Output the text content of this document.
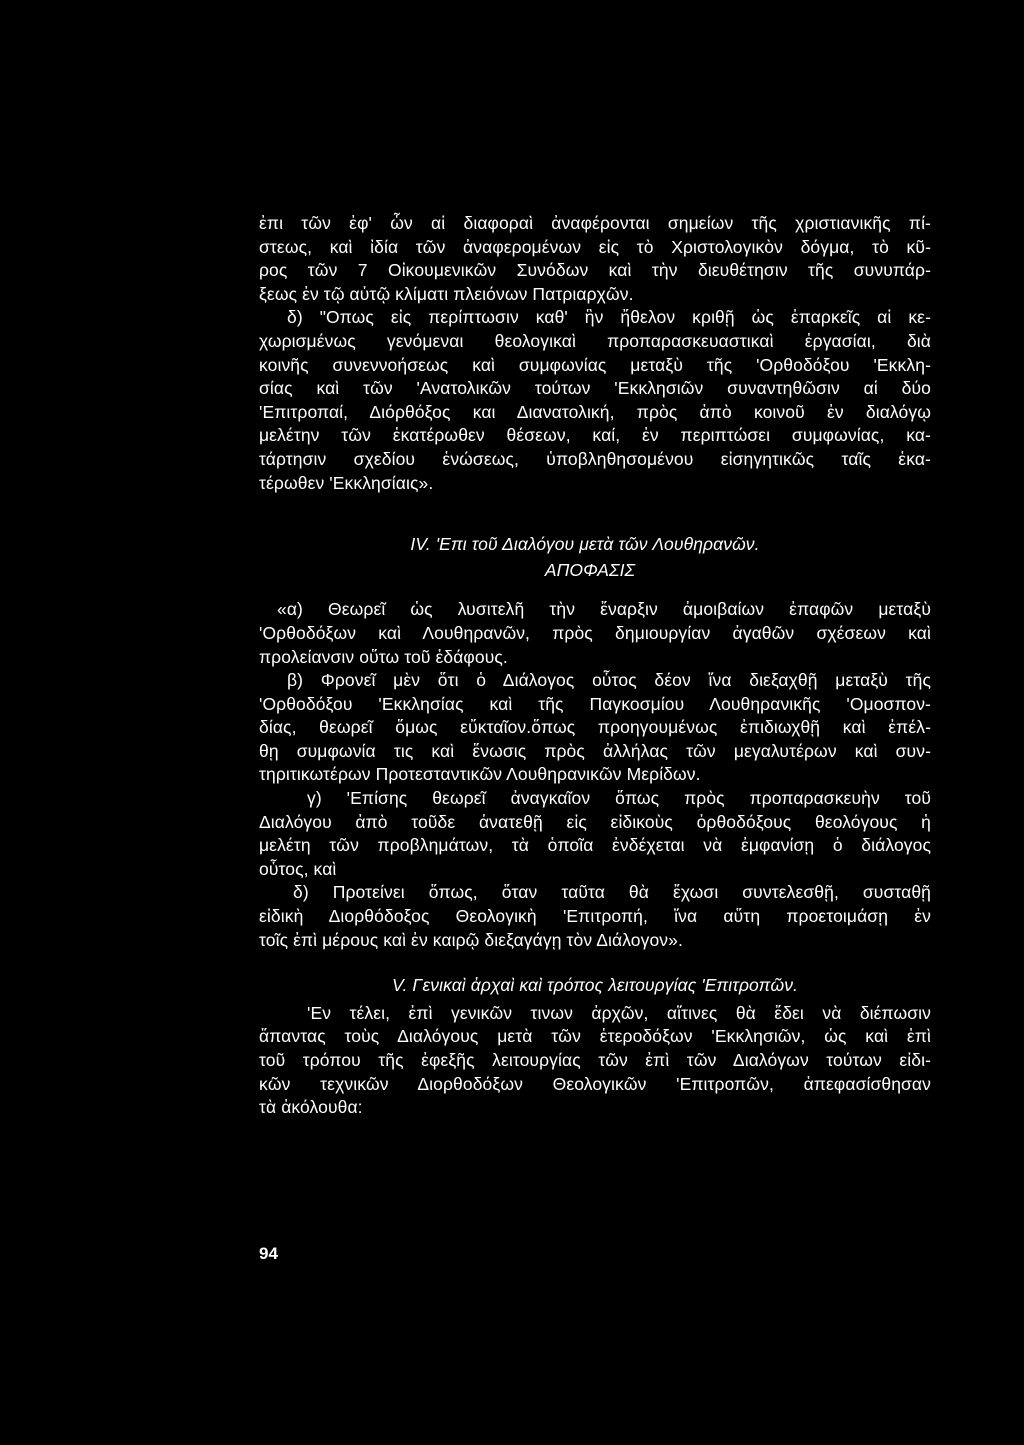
ἐπι τῶν ἐφ' ὧν αἱ διαφοραὶ ἀναφέρονται σημείων τῆς χριστιανικῆς πί-
στεως, καὶ ἰδία τῶν ἀναφερομένων εἰς τὸ Χριστολογικὸν δόγμα, τὸ κῦ-
ρος τῶν 7 Οἰκουμενικῶν Συνόδων καὶ τὴν διευθέτησιν τῆς συνυπάρ-
ξεως ἐν τῷ αὐτῷ κλίματι πλειόνων Πατριαρχῶν.
δ) "Οπως εἰς περίπτωσιν καθ' ἣν ἤθελον κριθῇ ὡς ἐπαρκεῖς αἱ κε-
χωρισμένως γενόμεναι θεολογικαὶ προπαρασκευαστικαὶ ἐργασίαι, διὰ
κοινῆς συνεννοήσεως καὶ συμφωνίας μεταξὺ τῆς 'Ορθοδόξου 'Εκκλη-
σίας καὶ τῶν 'Ανατολικῶν τούτων 'Εκκλησιῶν συναντηθῶσιν αἱ δύο
'Επιτροπαί, Διόρθόξος και Διανατολική, πρὸς ἀπὸ κοινοῦ ἐν διαλόγῳ
μελέτην τῶν ἑκατέρωθεν θέσεων, καί, ἐν περιπτώσει συμφωνίας, κα-
τάρτησιν σχεδίου ἑνώσεως, ὑποβληθησομένου εἰσηγητικῶς ταῖς ἑκα-
τέρωθεν 'Εκκλησίαις».
IV. 'Επι τοῦ Διαλόγου μετὰ τῶν Λουθηρανῶν.
ΑΠΟΦΑΣΙΣ
«α) Θεωρεῖ ὡς λυσιτελῆ τὴν ἔναρξιν ἀμοιβαίων ἐπαφῶν μεταξὺ
'Ορθοδόξων καὶ Λουθηρανῶν, πρὸς δημιουργίαν ἀγαθῶν σχέσεων καὶ
προλείανσιν οὕτω τοῦ ἐδάφους.
β) Φρονεῖ μὲν ὅτι ὁ Διάλογος οὗτος δέον ἵνα διεξαχθῇ μεταξὺ τῆς
'Ορθοδόξου 'Εκκλησίας καὶ τῆς Παγκοσμίου Λουθηρανικῆς 'Ομοσπον-
δίας, θεωρεῖ ὅμως εὔκταῖον.ὅπως προηγουμένως ἐπιδιωχθῇ καὶ ἐπέλ-
θῃ συμφωνία τις καὶ ἕνωσις πρὸς ἀλλήλας τῶν μεγαλυτέρων καὶ συν-
τηριτικωτέρων Προτεσταντικῶν Λουθηρανικῶν Μερίδων.
γ) 'Επίσης θεωρεῖ ἀναγκαῖον ὅπως πρὸς προπαρασκευὴν τοῦ
Διαλόγου ἀπὸ τοῦδε ἀνατεθῇ εἰς εἰδικοὺς ὀρθοδόξους θεολόγους ἡ
μελέτη τῶν προβλημάτων, τὰ ὁποῖα ἐνδέχεται νὰ ἐμφανίσῃ ὁ διάλογος
οὗτος, καὶ
δ) Προτείνει ὅπως, ὅταν ταῦτα θὰ ἔχωσι συντελεσθῇ, συσταθῇ
εἰδικὴ Διορθόδοξος Θεολογικὴ 'Επιτροπή, ἵνα αὕτη προετοιμάσῃ ἐν
τοῖς ἐπὶ μέρους καὶ ἐν καιρῷ διεξαγάγῃ τὸν Διάλογον».
V. Γενικαὶ ἀρχαὶ καὶ τρόπος λειτουργίας 'Επιτροπῶν.
'Εν τέλει, ἐπὶ γενικῶν τινων ἀρχῶν, αἵτινες θὰ ἔδει νὰ διέπωσιν
ἅπαντας τοὺς Διαλόγους μετὰ τῶν ἑτεροδόξων 'Εκκλησιῶν, ὡς καὶ ἐπὶ
τοῦ τρόπου τῆς ἐφεξῆς λειτουργίας τῶν ἐπὶ τῶν Διαλόγων τούτων εἰδι-
κῶν τεχνικῶν Διορθοδόξων Θεολογικῶν 'Επιτροπῶν, ἀπεφασίσθησαν
τὰ ἀκόλουθα:
94
